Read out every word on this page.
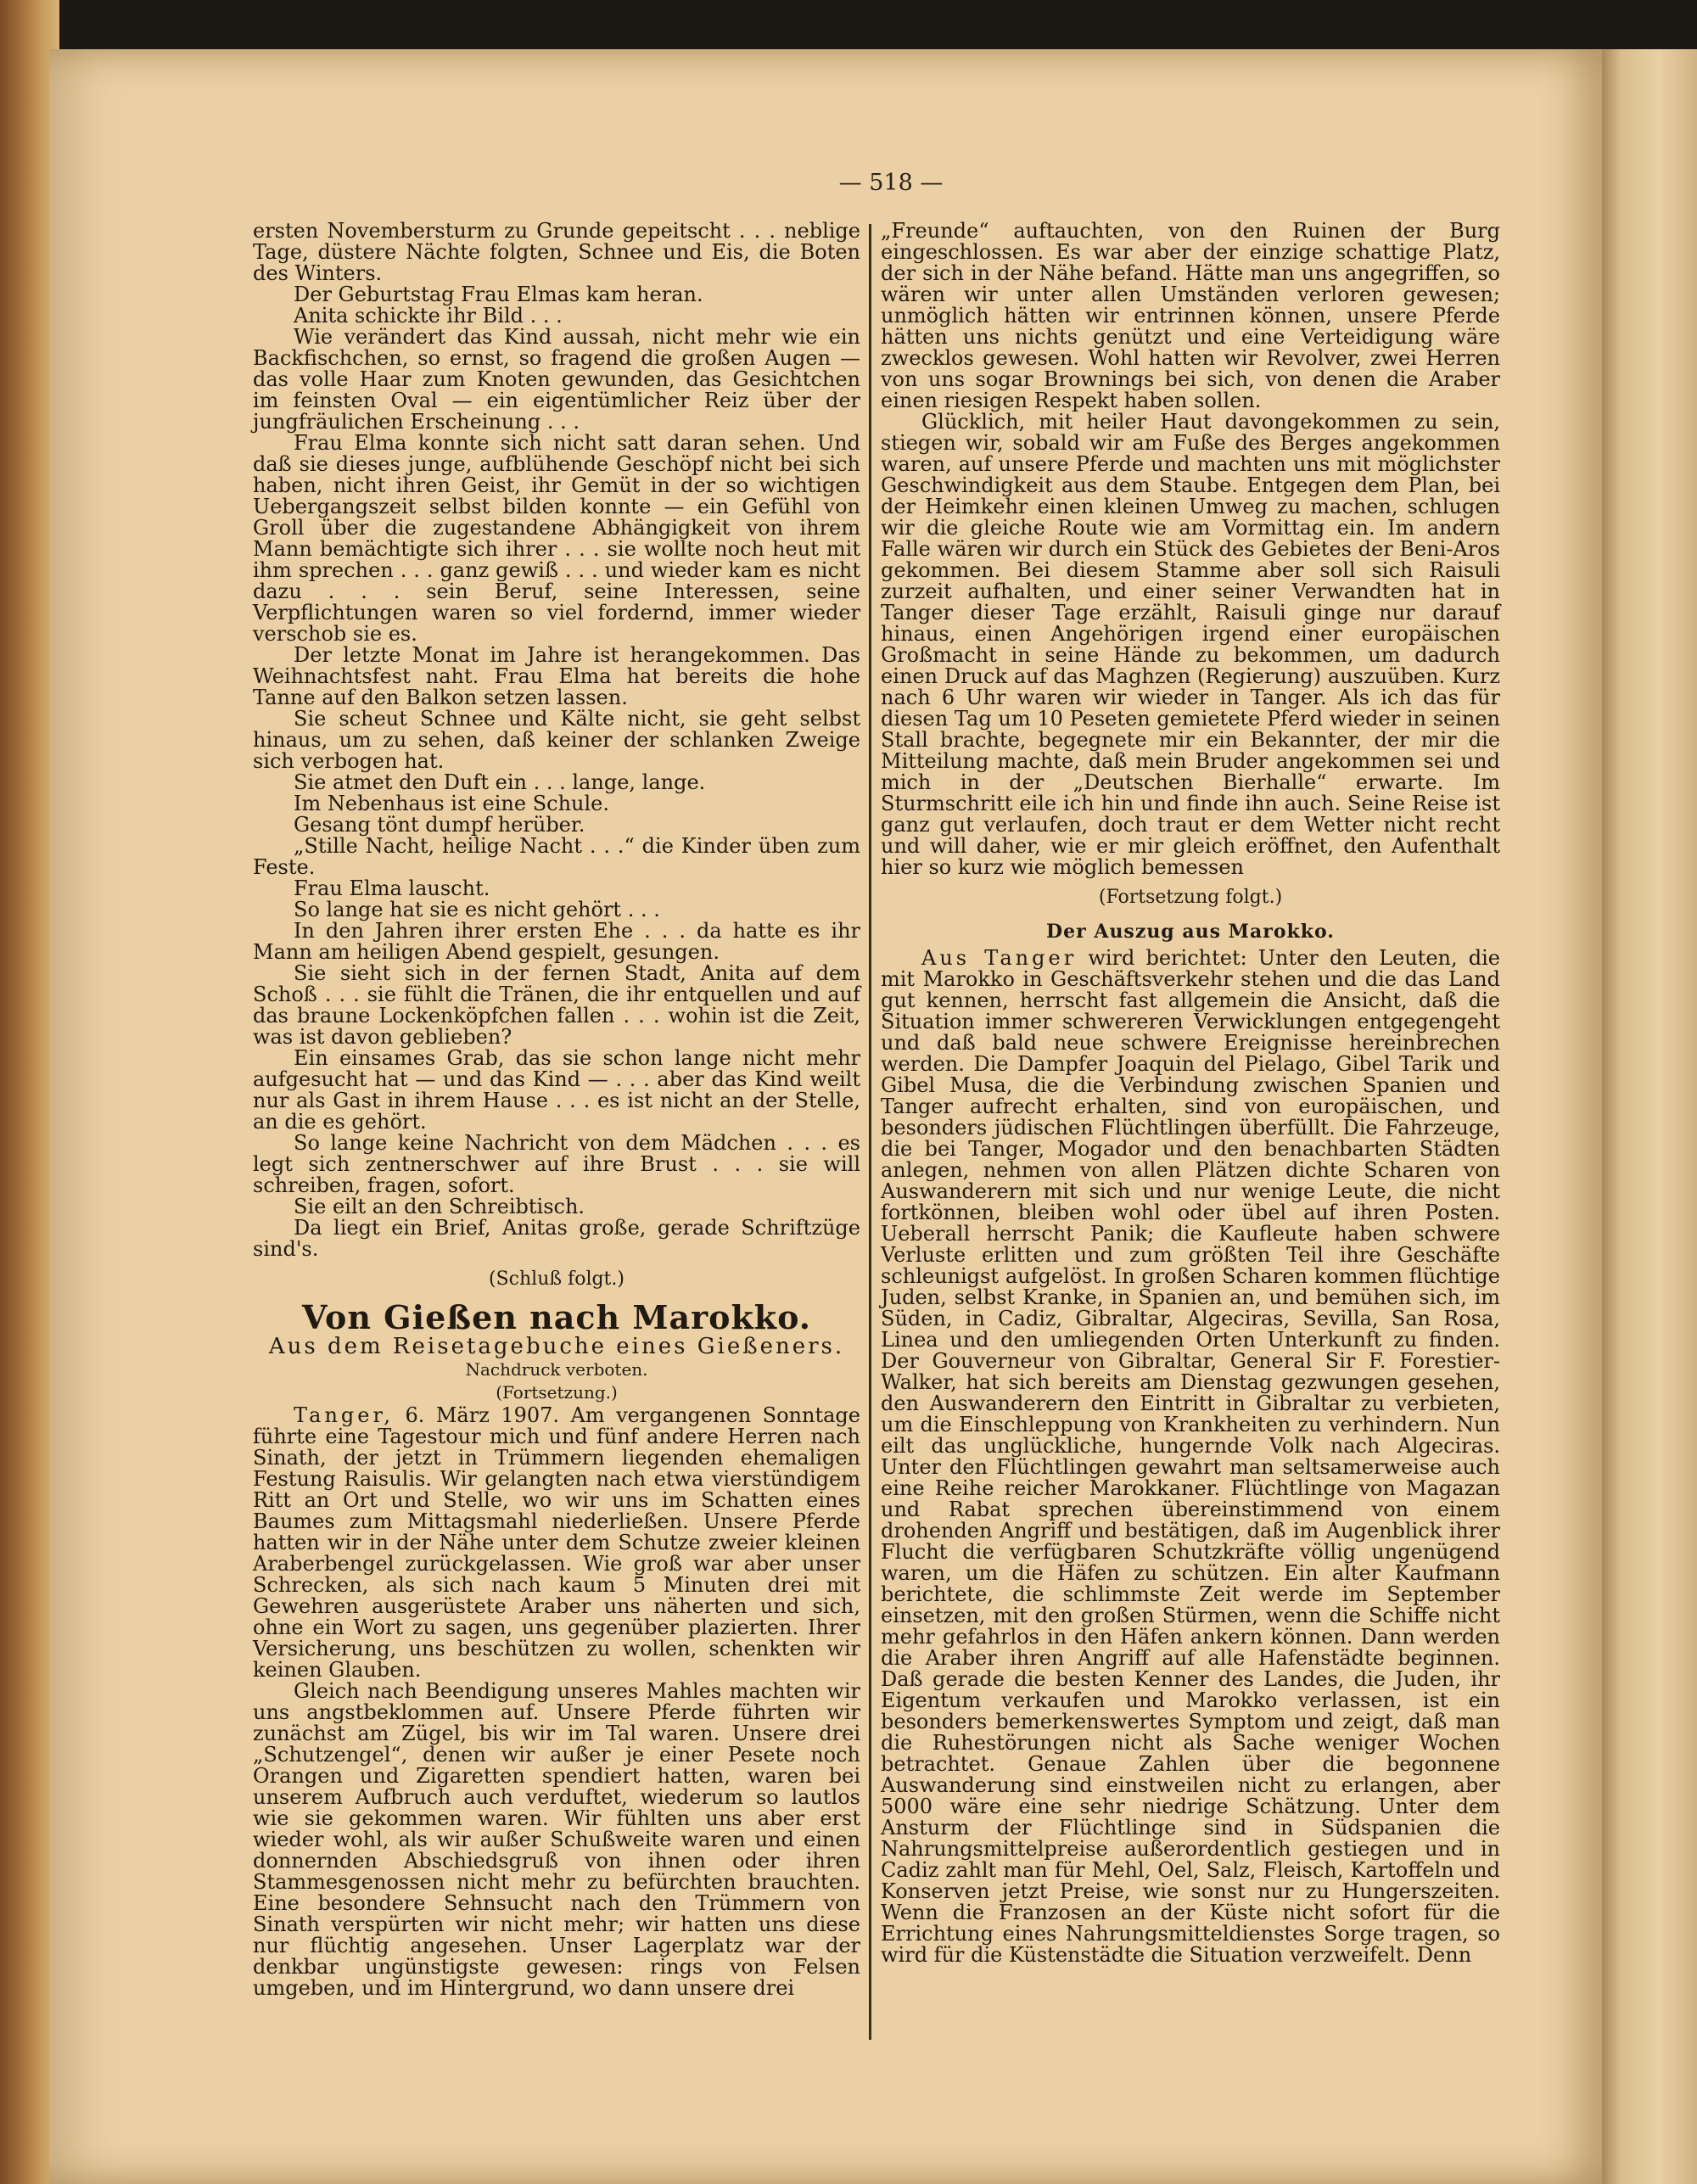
— 518 —

ersten Novembersturm zu Grunde gepeitscht . . . neblige Tage, düstere Nächte folgten, Schnee und Eis, die Boten des Winters.

Der Geburtstag Frau Elmas kam heran.

Anita schickte ihr Bild . . .

Wie verändert das Kind aussah, nicht mehr wie ein Backfischchen, so ernst, so fragend die großen Augen — das volle Haar zum Knoten gewunden, das Gesichtchen im feinsten Oval — ein eigentümlicher Reiz über der jungfräulichen Erscheinung . . .

Frau Elma konnte sich nicht satt daran sehen. Und daß sie dieses junge, aufblühende Geschöpf nicht bei sich haben, nicht ihren Geist, ihr Gemüt in der so wichtigen Uebergangszeit selbst bilden konnte — ein Gefühl von Groll über die zugestandene Abhängigkeit von ihrem Mann bemächtigte sich ihrer . . . sie wollte noch heut mit ihm sprechen . . . ganz gewiß . . . und wieder kam es nicht dazu . . . sein Beruf, seine Interessen, seine Verpflichtungen waren so viel fordernd, immer wieder verschob sie es.

Der letzte Monat im Jahre ist herangekommen. Das Weihnachtsfest naht. Frau Elma hat bereits die hohe Tanne auf den Balkon setzen lassen.

Sie scheut Schnee und Kälte nicht, sie geht selbst hinaus, um zu sehen, daß keiner der schlanken Zweige sich verbogen hat.

Sie atmet den Duft ein . . . lange, lange.

Im Nebenhaus ist eine Schule.

Gesang tönt dumpf herüber.

„Stille Nacht, heilige Nacht . . .“ die Kinder üben zum Feste.

Frau Elma lauscht.

So lange hat sie es nicht gehört . . .

In den Jahren ihrer ersten Ehe . . . da hatte es ihr Mann am heiligen Abend gespielt, gesungen.

Sie sieht sich in der fernen Stadt, Anita auf dem Schoß . . . sie fühlt die Tränen, die ihr entquellen und auf das braune Lockenköpfchen fallen . . . wohin ist die Zeit, was ist davon geblieben?

Ein einsames Grab, das sie schon lange nicht mehr aufgesucht hat — und das Kind — . . . aber das Kind weilt nur als Gast in ihrem Hause . . . es ist nicht an der Stelle, an die es gehört.

So lange keine Nachricht von dem Mädchen . . . es legt sich zentnerschwer auf ihre Brust . . . sie will schreiben, fragen, sofort.

Sie eilt an den Schreibtisch.

Da liegt ein Brief, Anitas große, gerade Schriftzüge sind's.

(Schluß folgt.)

Von Gießen nach Marokko.
Aus dem Reisetagebuche eines Gießeners.
Nachdruck verboten.
(Fortsetzung.)

Tanger, 6. März 1907. Am vergangenen Sonntage führte eine Tagestour mich und fünf andere Herren nach Sinath, der jetzt in Trümmern liegenden ehemaligen Festung Raisulis. Wir gelangten nach etwa vierstündigem Ritt an Ort und Stelle, wo wir uns im Schatten eines Baumes zum Mittagsmahl niederließen. Unsere Pferde hatten wir in der Nähe unter dem Schutze zweier kleinen Araberbengel zurückgelassen. Wie groß war aber unser Schrecken, als sich nach kaum 5 Minuten drei mit Gewehren ausgerüstete Araber uns näherten und sich, ohne ein Wort zu sagen, uns gegenüber plazierten. Ihrer Versicherung, uns beschützen zu wollen, schenkten wir keinen Glauben.

Gleich nach Beendigung unseres Mahles machten wir uns angstbeklommen auf. Unsere Pferde führten wir zunächst am Zügel, bis wir im Tal waren. Unsere drei „Schutzengel“, denen wir außer je einer Pesete noch Orangen und Zigaretten spendiert hatten, waren bei unserem Aufbruch auch verduftet, wiederum so lautlos wie sie gekommen waren. Wir fühlten uns aber erst wieder wohl, als wir außer Schußweite waren und einen donnernden Abschiedsgruß von ihnen oder ihren Stammesgenossen nicht mehr zu befürchten brauchten. Eine besondere Sehnsucht nach den Trümmern von Sinath verspürten wir nicht mehr; wir hatten uns diese nur flüchtig angesehen. Unser Lagerplatz war der denkbar ungünstigste gewesen: rings von Felsen umgeben, und im Hintergrund, wo dann unsere drei

„Freunde“ auftauchten, von den Ruinen der Burg eingeschlossen. Es war aber der einzige schattige Platz, der sich in der Nähe befand. Hätte man uns angegriffen, so wären wir unter allen Umständen verloren gewesen; unmöglich hätten wir entrinnen können, unsere Pferde hätten uns nichts genützt und eine Verteidigung wäre zwecklos gewesen. Wohl hatten wir Revolver, zwei Herren von uns sogar Brownings bei sich, von denen die Araber einen riesigen Respekt haben sollen.

Glücklich, mit heiler Haut davongekommen zu sein, stiegen wir, sobald wir am Fuße des Berges angekommen waren, auf unsere Pferde und machten uns mit möglichster Geschwindigkeit aus dem Staube. Entgegen dem Plan, bei der Heimkehr einen kleinen Umweg zu machen, schlugen wir die gleiche Route wie am Vormittag ein. Im andern Falle wären wir durch ein Stück des Gebietes der Beni-Aros gekommen. Bei diesem Stamme aber soll sich Raisuli zurzeit aufhalten, und einer seiner Verwandten hat in Tanger dieser Tage erzählt, Raisuli ginge nur darauf hinaus, einen Angehörigen irgend einer europäischen Großmacht in seine Hände zu bekommen, um dadurch einen Druck auf das Maghzen (Regierung) auszuüben. Kurz nach 6 Uhr waren wir wieder in Tanger. Als ich das für diesen Tag um 10 Peseten gemietete Pferd wieder in seinen Stall brachte, begegnete mir ein Bekannter, der mir die Mitteilung machte, daß mein Bruder angekommen sei und mich in der „Deutschen Bierhalle“ erwarte. Im Sturmschritt eile ich hin und finde ihn auch. Seine Reise ist ganz gut verlaufen, doch traut er dem Wetter nicht recht und will daher, wie er mir gleich eröffnet, den Aufenthalt hier so kurz wie möglich bemessen

(Fortsetzung folgt.)

Der Auszug aus Marokko.

Aus Tanger wird berichtet: Unter den Leuten, die mit Marokko in Geschäftsverkehr stehen und die das Land gut kennen, herrscht fast allgemein die Ansicht, daß die Situation immer schwereren Verwicklungen entgegengeht und daß bald neue schwere Ereignisse hereinbrechen werden. Die Dampfer Joaquin del Pielago, Gibel Tarik und Gibel Musa, die die Verbindung zwischen Spanien und Tanger aufrecht erhalten, sind von europäischen, und besonders jüdischen Flüchtlingen überfüllt. Die Fahrzeuge, die bei Tanger, Mogador und den benachbarten Städten anlegen, nehmen von allen Plätzen dichte Scharen von Auswanderern mit sich und nur wenige Leute, die nicht fortkönnen, bleiben wohl oder übel auf ihren Posten. Ueberall herrscht Panik; die Kaufleute haben schwere Verluste erlitten und zum größten Teil ihre Geschäfte schleunigst aufgelöst. In großen Scharen kommen flüchtige Juden, selbst Kranke, in Spanien an, und bemühen sich, im Süden, in Cadiz, Gibraltar, Algeciras, Sevilla, San Rosa, Linea und den umliegenden Orten Unterkunft zu finden. Der Gouverneur von Gibraltar, General Sir F. Forestier-Walker, hat sich bereits am Dienstag gezwungen gesehen, den Auswanderern den Eintritt in Gibraltar zu verbieten, um die Einschleppung von Krankheiten zu verhindern. Nun eilt das unglückliche, hungernde Volk nach Algeciras. Unter den Flüchtlingen gewahrt man seltsamerweise auch eine Reihe reicher Marokkaner. Flüchtlinge von Magazan und Rabat sprechen übereinstimmend von einem drohenden Angriff und bestätigen, daß im Augenblick ihrer Flucht die verfügbaren Schutzkräfte völlig ungenügend waren, um die Häfen zu schützen. Ein alter Kaufmann berichtete, die schlimmste Zeit werde im September einsetzen, mit den großen Stürmen, wenn die Schiffe nicht mehr gefahrlos in den Häfen ankern können. Dann werden die Araber ihren Angriff auf alle Hafenstädte beginnen. Daß gerade die besten Kenner des Landes, die Juden, ihr Eigentum verkaufen und Marokko verlassen, ist ein besonders bemerkenswertes Symptom und zeigt, daß man die Ruhestörungen nicht als Sache weniger Wochen betrachtet. Genaue Zahlen über die begonnene Auswanderung sind einstweilen nicht zu erlangen, aber 5000 wäre eine sehr niedrige Schätzung. Unter dem Ansturm der Flüchtlinge sind in Südspanien die Nahrungsmittelpreise außerordentlich gestiegen und in Cadiz zahlt man für Mehl, Oel, Salz, Fleisch, Kartoffeln und Konserven jetzt Preise, wie sonst nur zu Hungerszeiten. Wenn die Franzosen an der Küste nicht sofort für die Errichtung eines Nahrungsmitteldienstes Sorge tragen, so wird für die Küstenstädte die Situation verzweifelt. Denn
